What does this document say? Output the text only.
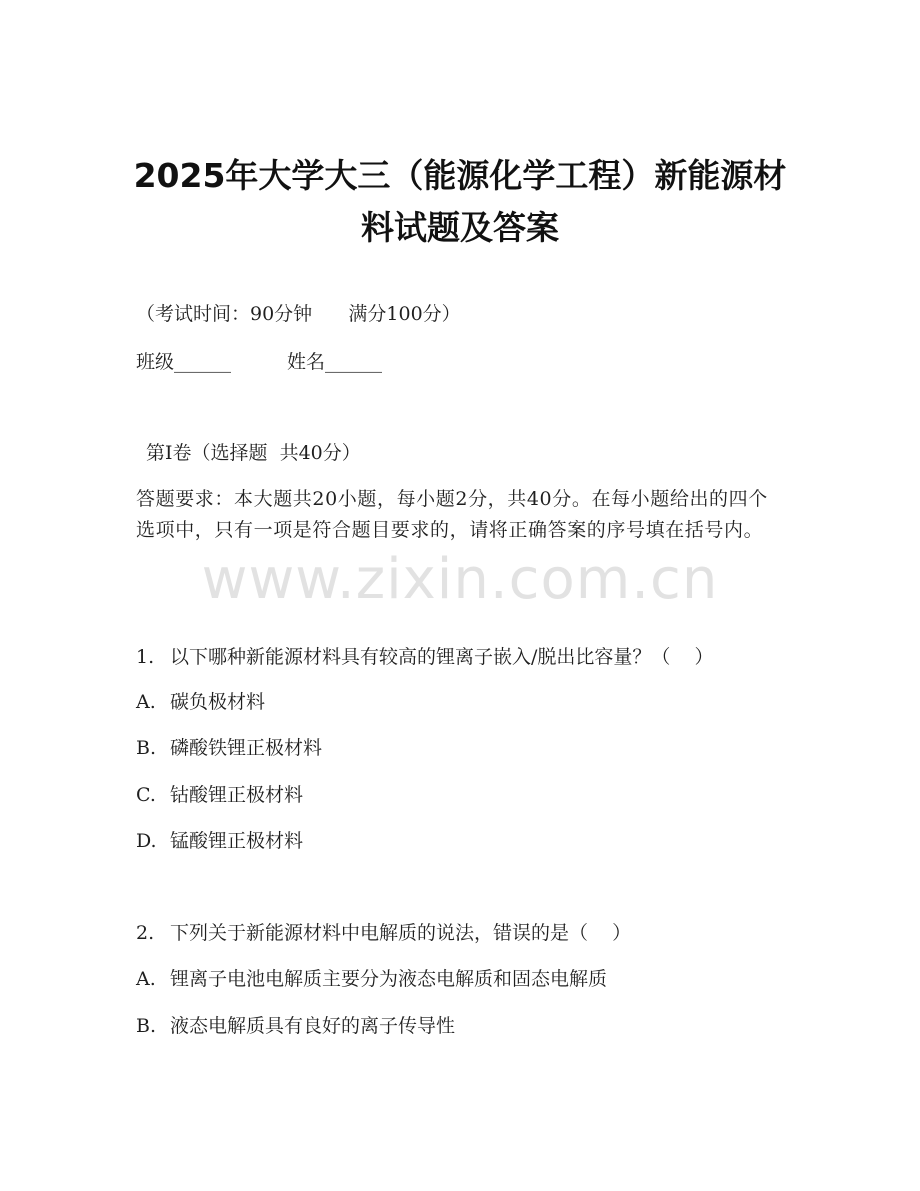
2025年大学大三（能源化学工程）新能源材
料试题及答案
（考试时间：90分钟      满分100分）
班级______	姓名______
第Ⅰ卷（选择题  共40分）
答题要求：本大题共20小题，每小题2分，共40分。在每小题给出的四个选项中，只有一项是符合题目要求的，请将正确答案的序号填在括号内。
www.zixin.com.cn
1. 以下哪种新能源材料具有较高的锂离子嵌入/脱出比容量？（    ）
A. 碳负极材料
B. 磷酸铁锂正极材料
C. 钴酸锂正极材料
D. 锰酸锂正极材料
2. 下列关于新能源材料中电解质的说法，错误的是（    ）
A. 锂离子电池电解质主要分为液态电解质和固态电解质
B. 液态电解质具有良好的离子传导性
